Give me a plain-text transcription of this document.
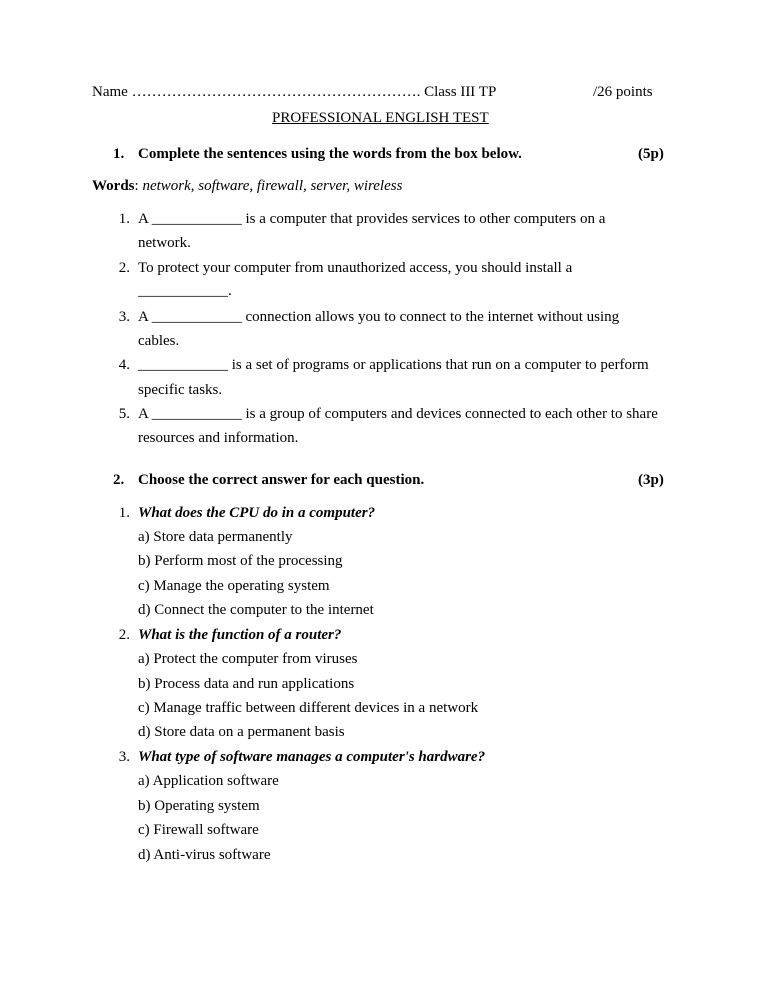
Name …………………………………………………. Class III TP	/26 points
PROFESSIONAL ENGLISH TEST
1. Complete the sentences using the words from the box below.	(5p)
Words: network, software, firewall, server, wireless
1. A ____________ is a computer that provides services to other computers on a
network.
2. To protect your computer from unauthorized access, you should install a
____________.
3. A ____________ connection allows you to connect to the internet without using
cables.
4. ____________ is a set of programs or applications that run on a computer to perform
specific tasks.
5. A ____________ is a group of computers and devices connected to each other to share
resources and information.
2. Choose the correct answer for each question.	(3p)
1. What does the CPU do in a computer?
a) Store data permanently
b) Perform most of the processing
c) Manage the operating system
d) Connect the computer to the internet
2. What is the function of a router?
a) Protect the computer from viruses
b) Process data and run applications
c) Manage traffic between different devices in a network
d) Store data on a permanent basis
3. What type of software manages a computer's hardware?
a) Application software
b) Operating system
c) Firewall software
d) Anti-virus software
